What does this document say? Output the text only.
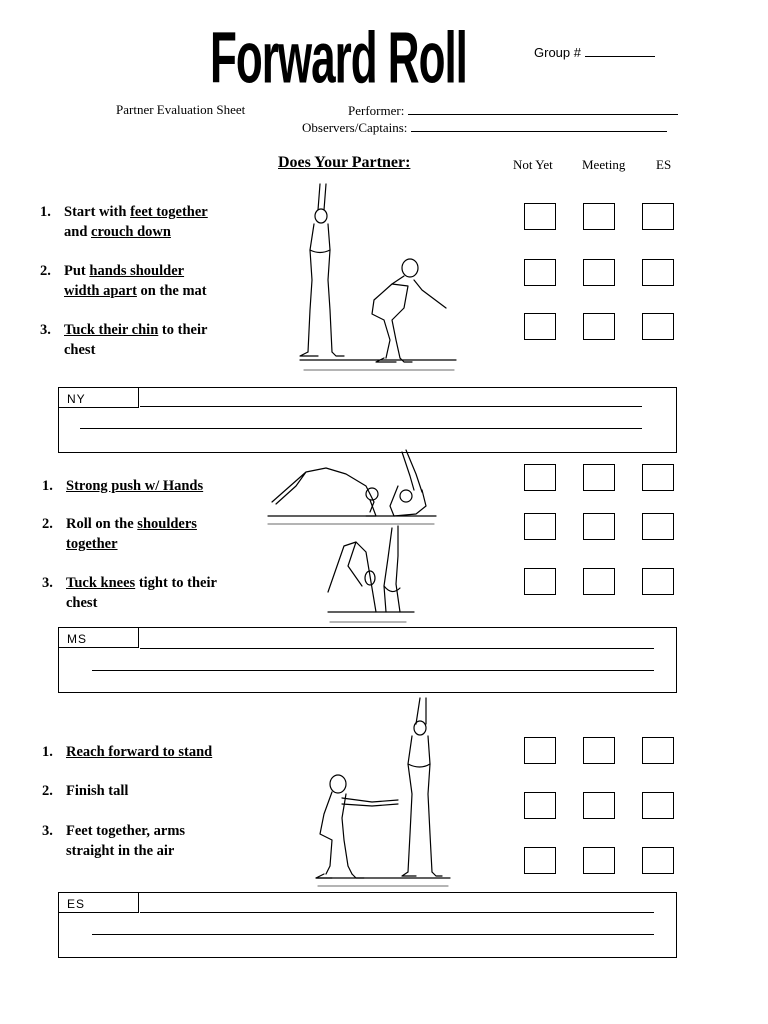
Forward Roll	Group #
Partner Evaluation Sheet	Performer:
Observers/Captains:
Does Your Partner:	Not Yet Meeting ES
1. Start with feet together
and crouch down
2. Put hands shoulder
width apart on the mat
3. Tuck their chin to their
chest
NY
1. Strong push w/ Hands
2. Roll on the shoulders
together
3. Tuck knees tight to their
chest
MS
1. Reach forward to stand
2. Finish tall
3. Feet together, arms
straight in the air
ES
